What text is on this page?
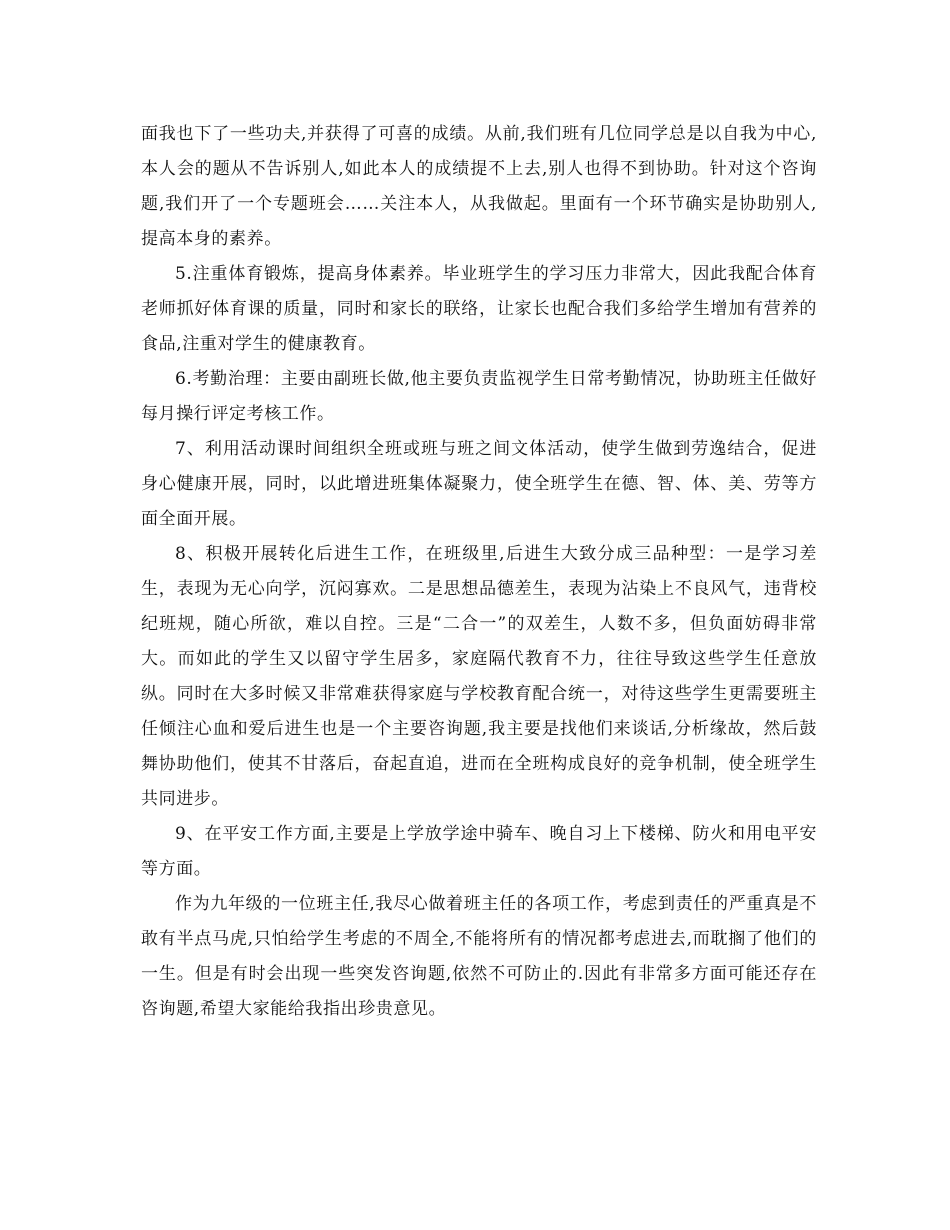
面我也下了一些功夫,并获得了可喜的成绩。从前,我们班有几位同学总是以自我为中心,本人会的题从不告诉别人,如此本人的成绩提不上去,别人也得不到协助。针对这个咨询题,我们开了一个专题班会……关注本人，从我做起。里面有一个环节确实是协助别人,提高本身的素养。

5.注重体育锻炼，提高身体素养。毕业班学生的学习压力非常大，因此我配合体育老师抓好体育课的质量，同时和家长的联络，让家长也配合我们多给学生增加有营养的食品,注重对学生的健康教育。

6.考勤治理：主要由副班长做,他主要负责监视学生日常考勤情况，协助班主任做好每月操行评定考核工作。

7、利用活动课时间组织全班或班与班之间文体活动，使学生做到劳逸结合，促进身心健康开展，同时，以此增进班集体凝聚力，使全班学生在德、智、体、美、劳等方面全面开展。

8、积极开展转化后进生工作，在班级里,后进生大致分成三品种型：一是学习差生，表现为无心向学，沉闷寡欢。二是思想品德差生，表现为沾染上不良风气，违背校纪班规，随心所欲，难以自控。三是“二合一”的双差生，人数不多，但负面妨碍非常大。而如此的学生又以留守学生居多，家庭隔代教育不力，往往导致这些学生任意放纵。同时在大多时候又非常难获得家庭与学校教育配合统一，对待这些学生更需要班主任倾注心血和爱后进生也是一个主要咨询题,我主要是找他们来谈话,分析缘故，然后鼓舞协助他们，使其不甘落后，奋起直追，进而在全班构成良好的竞争机制，使全班学生共同进步。

9、在平安工作方面,主要是上学放学途中骑车、晚自习上下楼梯、防火和用电平安等方面。

作为九年级的一位班主任,我尽心做着班主任的各项工作，考虑到责任的严重真是不敢有半点马虎,只怕给学生考虑的不周全,不能将所有的情况都考虑进去,而耽搁了他们的一生。但是有时会出现一些突发咨询题,依然不可防止的.因此有非常多方面可能还存在咨询题,希望大家能给我指出珍贵意见。
